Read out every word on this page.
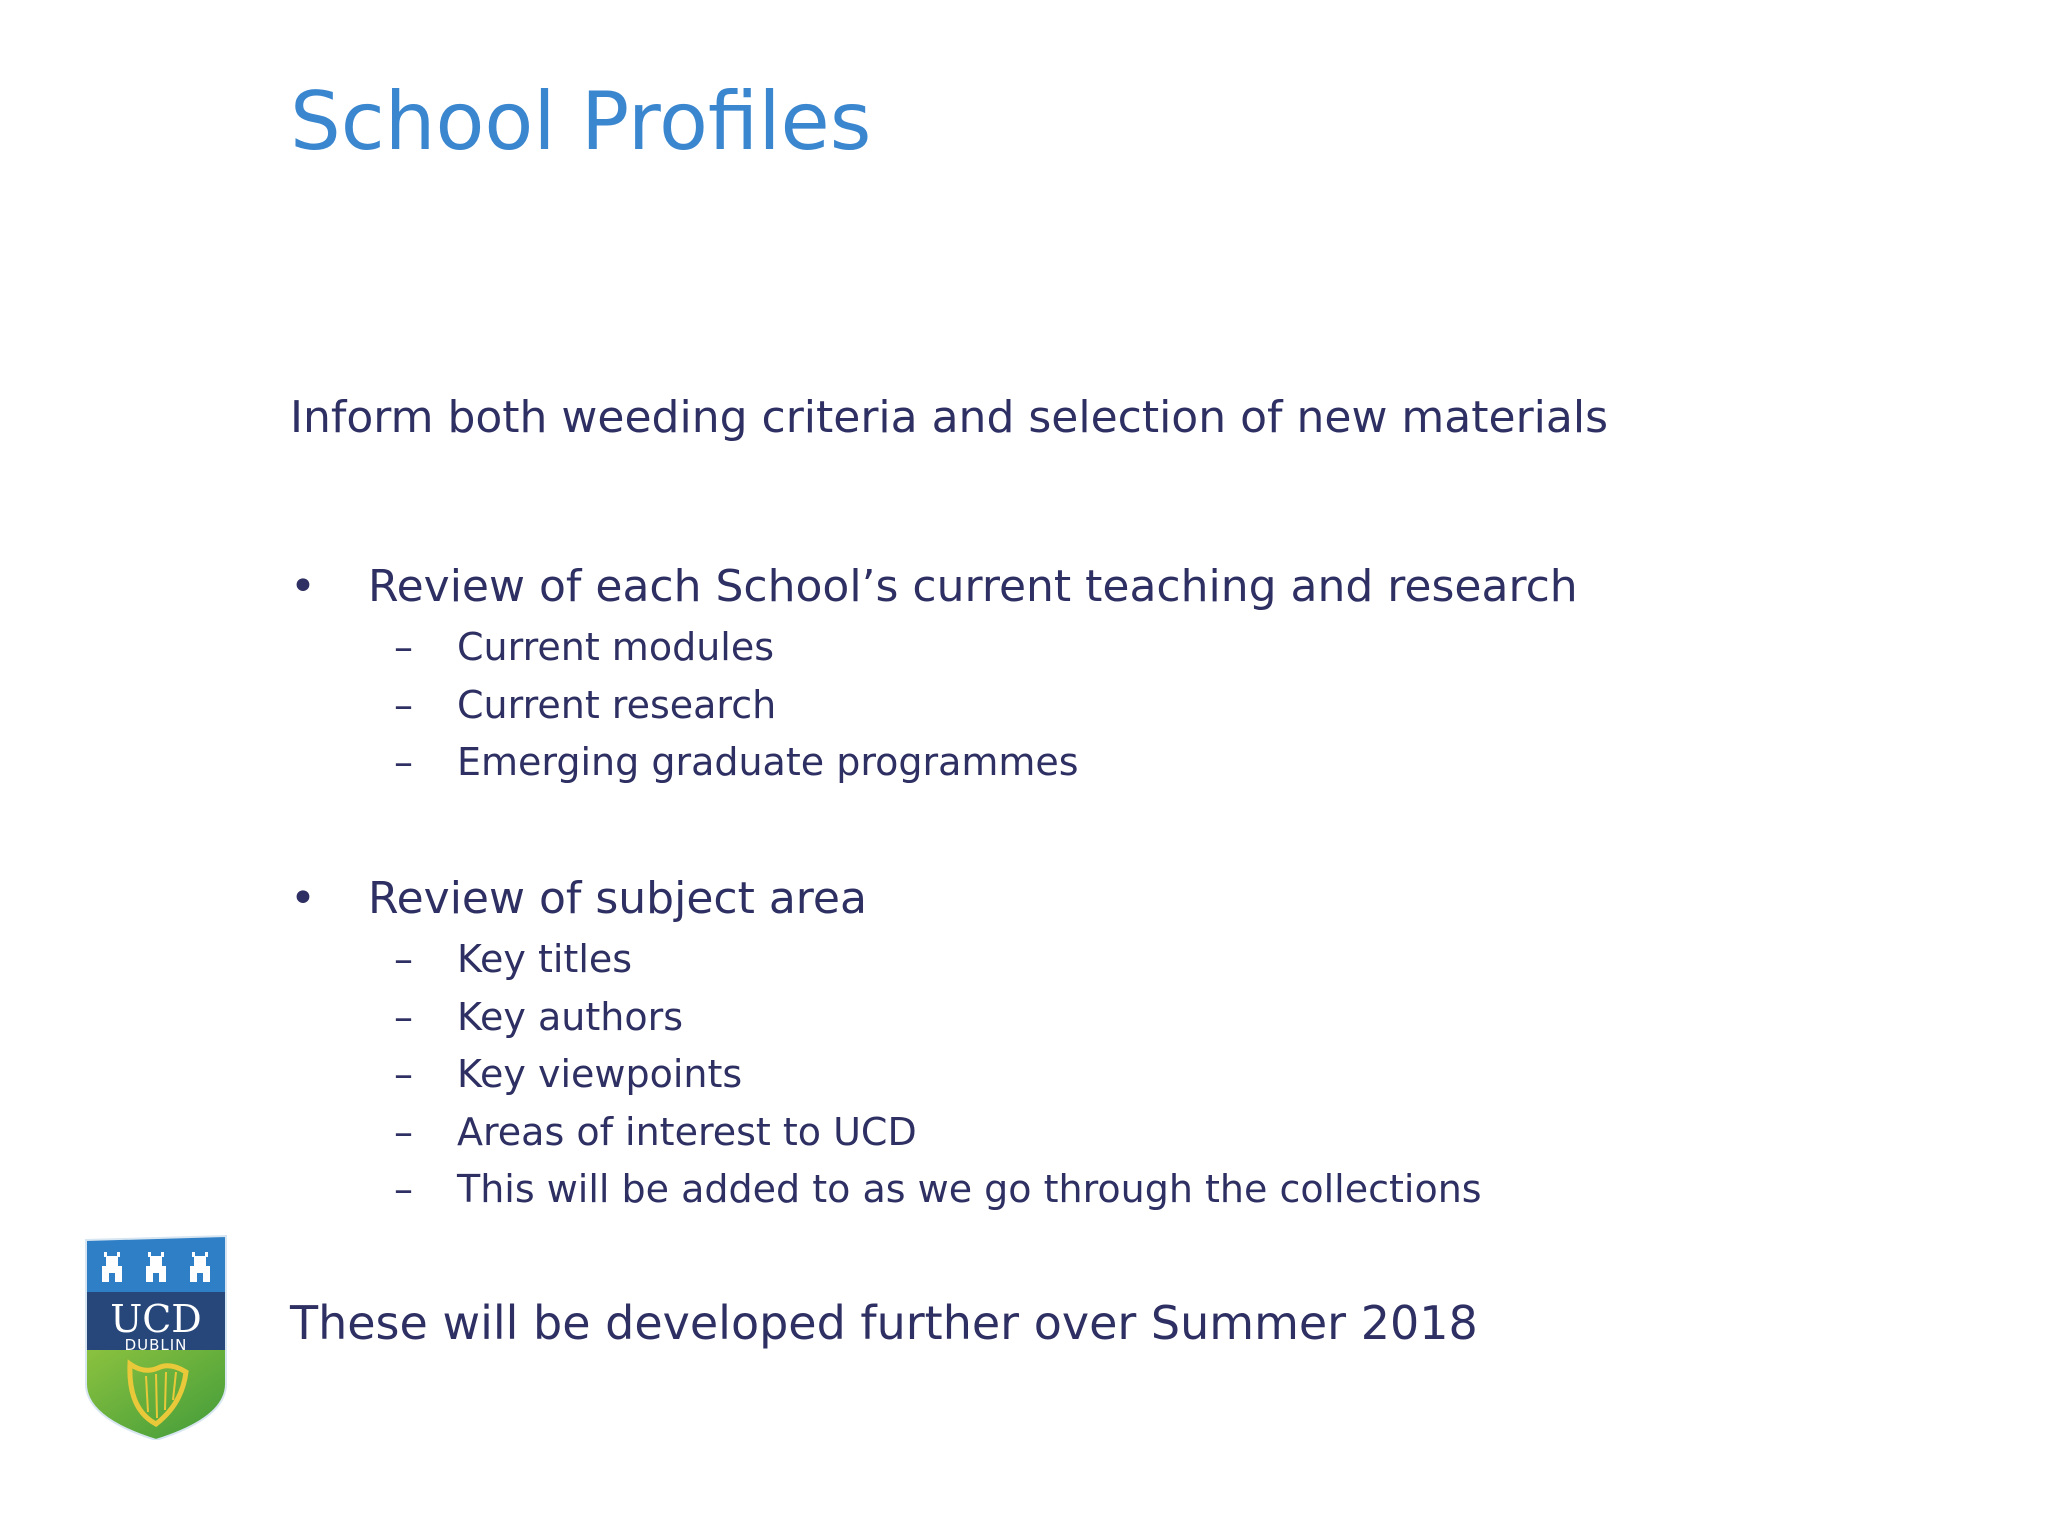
School Profiles
Inform both weeding criteria and selection of new materials
• Review of each School’s current teaching and research
– Current modules
– Current research
– Emerging graduate programmes
• Review of subject area
– Key titles
– Key authors
– Key viewpoints
– Areas of interest to UCD
– This will be added to as we go through the collections
These will be developed further over Summer 2018
UCD
DUBLIN
